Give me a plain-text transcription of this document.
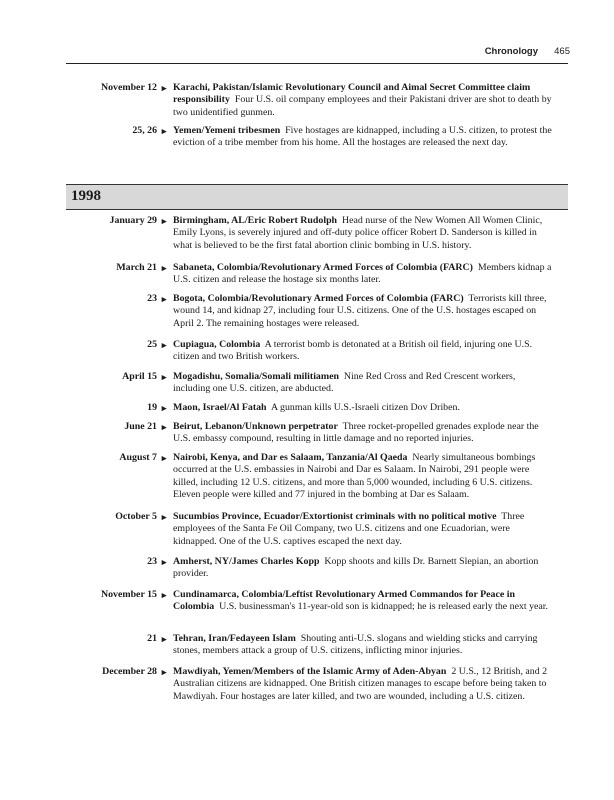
Chronology 465
November 12 ► Karachi, Pakistan/Islamic Revolutionary Council and Aimal Secret Committee claim responsibility Four U.S. oil company employees and their Pakistani driver are shot to death by two unidentified gunmen.
25, 26 ► Yemen/Yemeni tribesmen Five hostages are kidnapped, including a U.S. citizen, to protest the eviction of a tribe member from his home. All the hostages are released the next day.
1998
January 29 ► Birmingham, AL/Eric Robert Rudolph Head nurse of the New Women All Women Clinic, Emily Lyons, is severely injured and off-duty police officer Robert D. Sanderson is killed in what is believed to be the first fatal abortion clinic bombing in U.S. history.
March 21 ► Sabaneta, Colombia/Revolutionary Armed Forces of Colombia (FARC) Members kidnap a U.S. citizen and release the hostage six months later.
23 ► Bogota, Colombia/Revolutionary Armed Forces of Colombia (FARC) Terrorists kill three, wound 14, and kidnap 27, including four U.S. citizens. One of the U.S. hostages escaped on April 2. The remaining hostages were released.
25 ► Cupiagua, Colombia A terrorist bomb is detonated at a British oil field, injuring one U.S. citizen and two British workers.
April 15 ► Mogadishu, Somalia/Somali militiamen Nine Red Cross and Red Crescent workers, including one U.S. citizen, are abducted.
19 ► Maon, Israel/Al Fatah A gunman kills U.S.-Israeli citizen Dov Driben.
June 21 ► Beirut, Lebanon/Unknown perpetrator Three rocket-propelled grenades explode near the U.S. embassy compound, resulting in little damage and no reported injuries.
August 7 ► Nairobi, Kenya, and Dar es Salaam, Tanzania/Al Qaeda Nearly simultaneous bombings occurred at the U.S. embassies in Nairobi and Dar es Salaam. In Nairobi, 291 people were killed, including 12 U.S. citizens, and more than 5,000 wounded, including 6 U.S. citizens. Eleven people were killed and 77 injured in the bombing at Dar es Salaam.
October 5 ► Sucumbios Province, Ecuador/Extortionist criminals with no political motive Three employees of the Santa Fe Oil Company, two U.S. citizens and one Ecuadorian, were kidnapped. One of the U.S. captives escaped the next day.
23 ► Amherst, NY/James Charles Kopp Kopp shoots and kills Dr. Barnett Slepian, an abortion provider.
November 15 ► Cundinamarca, Colombia/Leftist Revolutionary Armed Commandos for Peace in Colombia U.S. businessman's 11-year-old son is kidnapped; he is released early the next year.
21 ► Tehran, Iran/Fedayeen Islam Shouting anti-U.S. slogans and wielding sticks and carrying stones, members attack a group of U.S. citizens, inflicting minor injuries.
December 28 ► Mawdiyah, Yemen/Members of the Islamic Army of Aden-Abyan 2 U.S., 12 British, and 2 Australian citizens are kidnapped. One British citizen manages to escape before being taken to Mawdiyah. Four hostages are later killed, and two are wounded, including a U.S. citizen.
